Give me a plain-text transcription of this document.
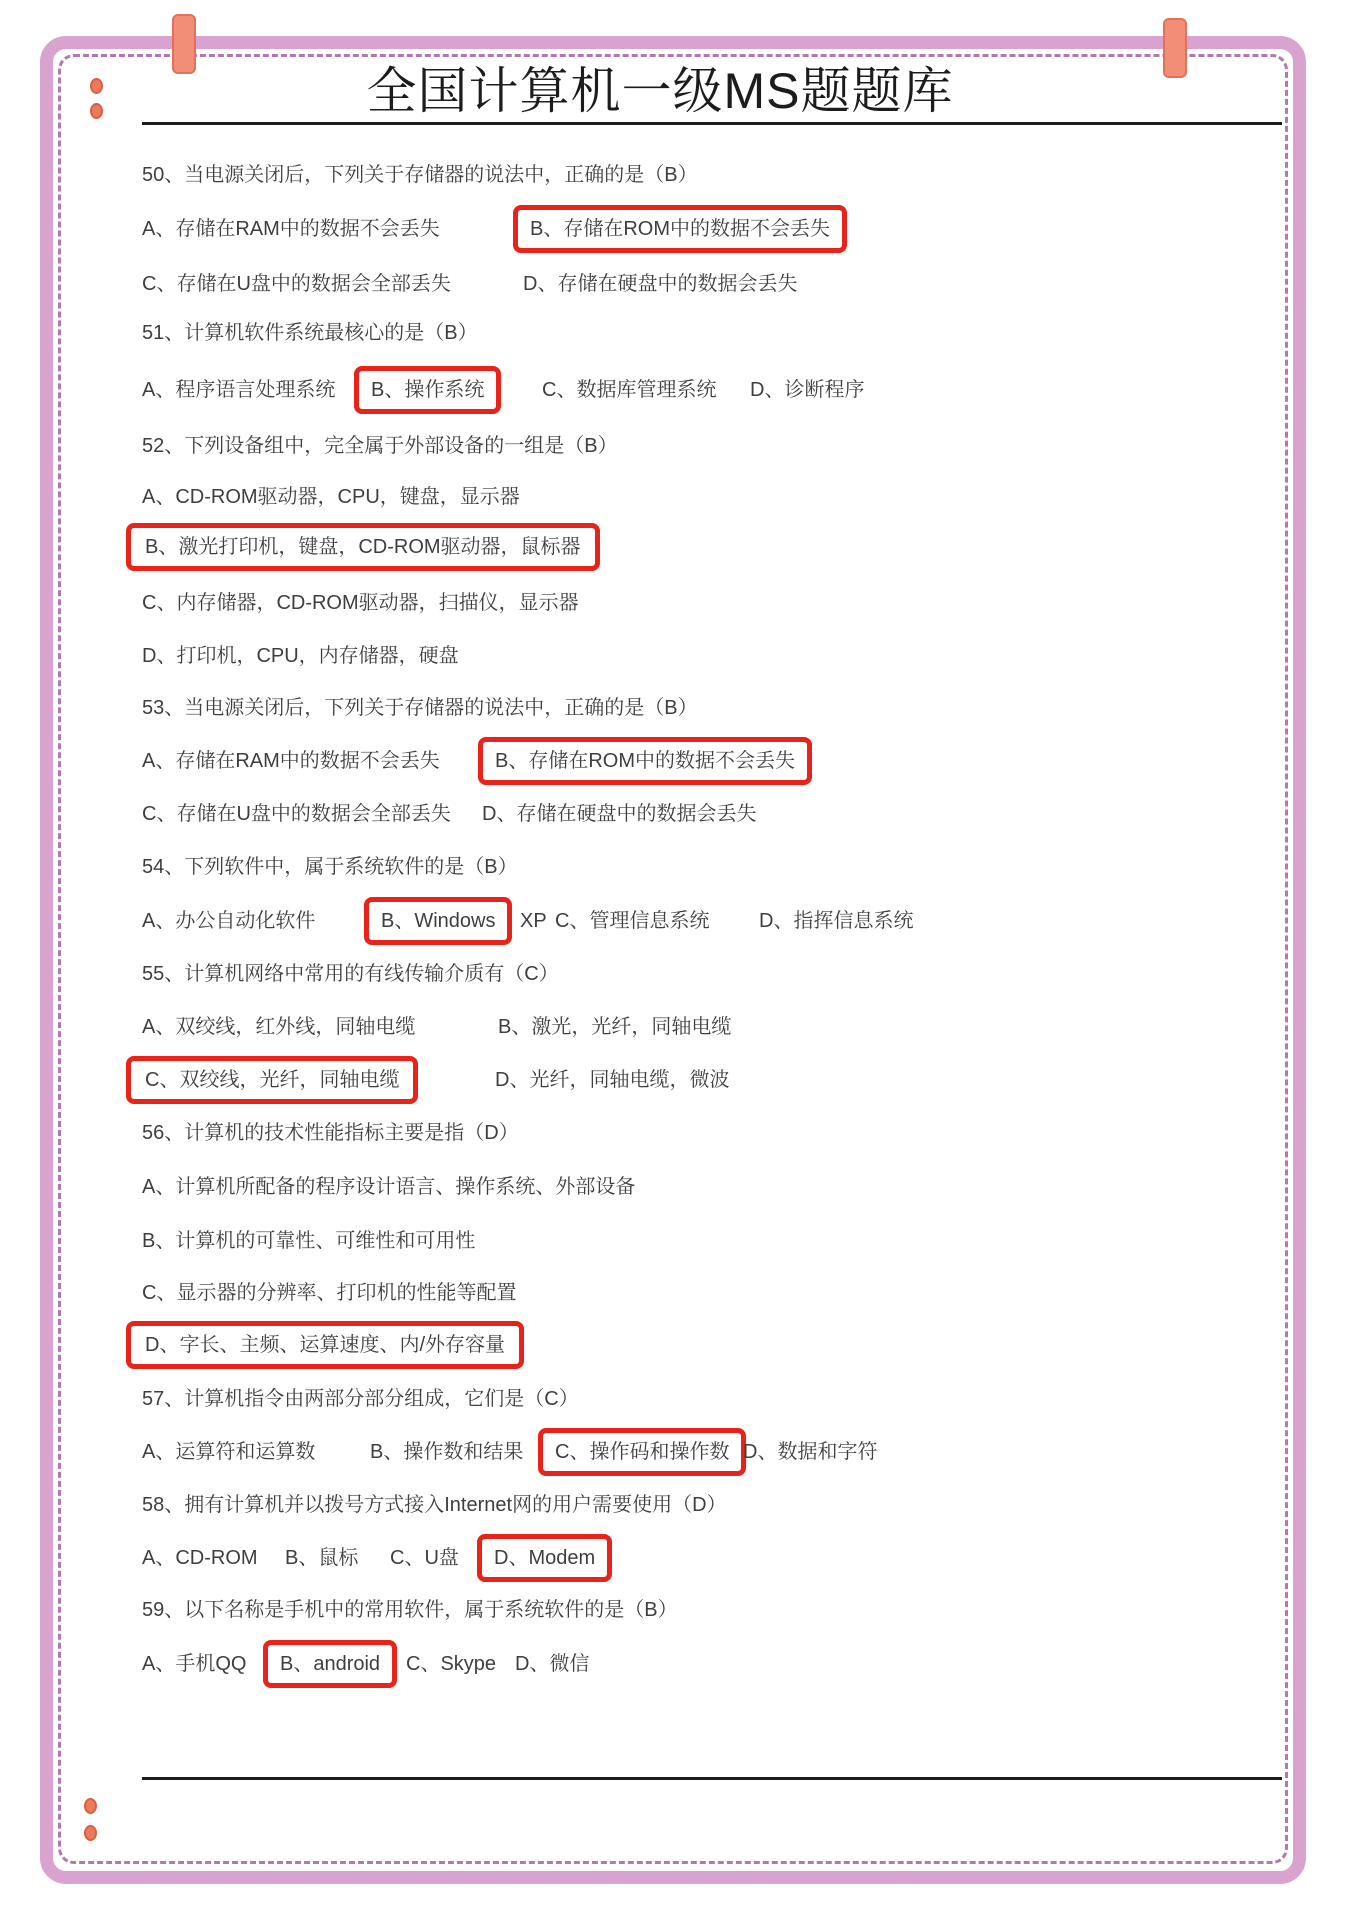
全国计算机一级MS题题库
50、当电源关闭后，下列关于存储器的说法中，正确的是（B）
A、存储在RAM中的数据不会丢失	B、存储在ROM中的数据不会丢失
C、存储在U盘中的数据会全部丢失	D、存储在硬盘中的数据会丢失
51、计算机软件系统最核心的是（B）
A、程序语言处理系统	B、操作系统	C、数据库管理系统 D、诊断程序
52、下列设备组中，完全属于外部设备的一组是（B）
A、CD-ROM驱动器，CPU，键盘，显示器
B、激光打印机，键盘，CD-ROM驱动器，鼠标器
C、内存储器，CD-ROM驱动器，扫描仪，显示器
D、打印机，CPU，内存储器，硬盘
53、当电源关闭后，下列关于存储器的说法中，正确的是（B）
A、存储在RAM中的数据不会丢失	B、存储在ROM中的数据不会丢失
C、存储在U盘中的数据会全部丢失 D、存储在硬盘中的数据会丢失
54、下列软件中，属于系统软件的是（B）
A、办公自动化软件	B、Windows	XP C、管理信息系统 D、指挥信息系统
55、计算机网络中常用的有线传输介质有（C）
A、双绞线，红外线，同轴电缆	B、激光，光纤，同轴电缆
C、双绞线，光纤，同轴电缆	D、光纤，同轴电缆，微波
56、计算机的技术性能指标主要是指（D）
A、计算机所配备的程序设计语言、操作系统、外部设备
B、计算机的可靠性、可维性和可用性
C、显示器的分辨率、打印机的性能等配置
D、字长、主频、运算速度、内/外存容量
57、计算机指令由两部分部分组成，它们是（C）
A、运算符和运算数	B、操作数和结果	C、操作码和操作数 D、数据和字符
58、拥有计算机并以拨号方式接入Internet网的用户需要使用（D）
A、CD-ROM B、鼠标 C、U盘	D、Modem
59、以下名称是手机中的常用软件，属于系统软件的是（B）
A、手机QQ	B、android	C、Skype D、微信
